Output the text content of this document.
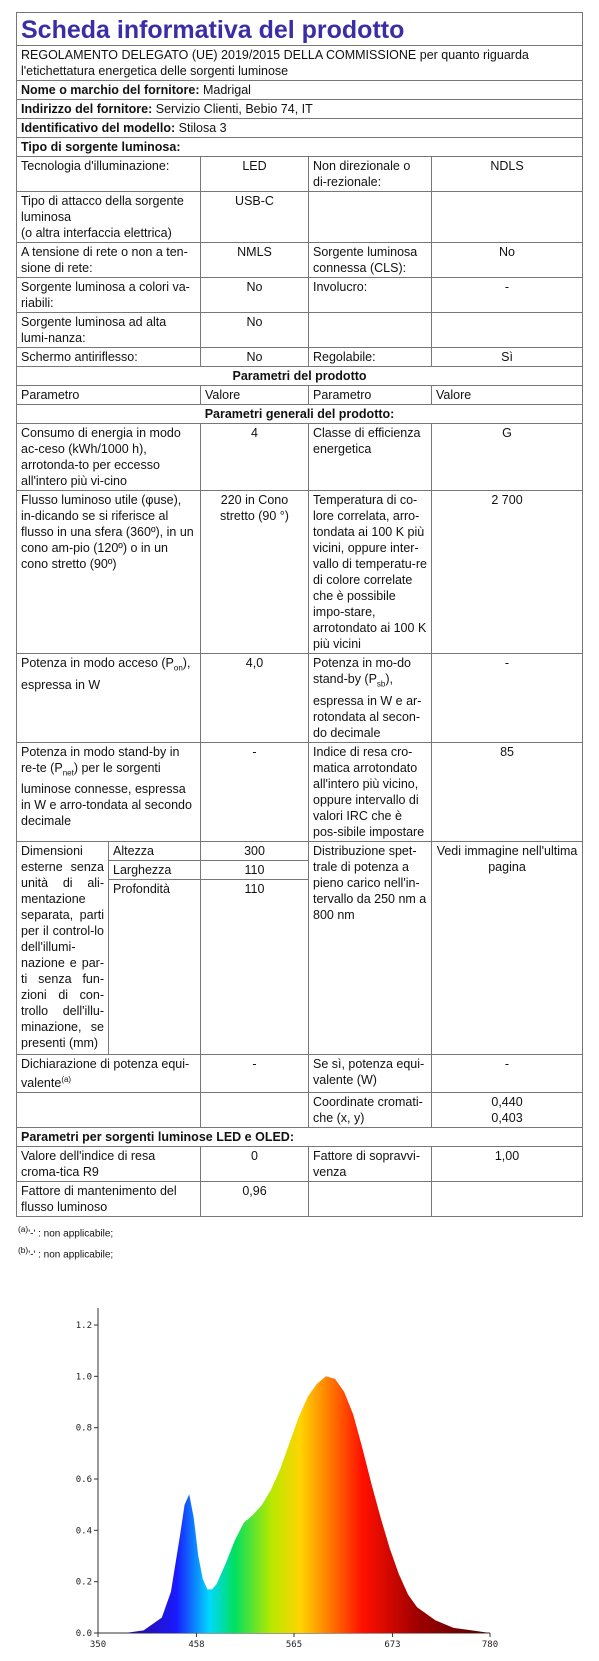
Scheda informativa del prodotto				
REGOLAMENTO DELEGATO (UE) 2019/2015 DELLA COMMISSIONE per quanto riguarda l'etichettatura energetica delle sorgenti luminose				
Nome o marchio del fornitore: Madrigal				
Indirizzo del fornitore: Servizio Clienti, Bebio 74, IT				
Identificativo del modello: Stilosa 3				
Tipo di sorgente luminosa:				
Tecnologia d'illuminazione:		LED	Non direzionale o di-rezionale:	NDLS
Tipo di attacco della sorgente luminosa
(o altra interfaccia elettrica)		USB-C		
A tensione di rete o non a ten-sione di rete:		NMLS	Sorgente luminosa connessa (CLS):	No
Sorgente luminosa a colori va-riabili:		No	Involucro:	-
Sorgente luminosa ad alta lumi-nanza:		No		
Schermo antiriflesso:		No	Regolabile:	Sì
Parametri del prodotto				
Parametro		Valore	Parametro	Valore
Parametri generali del prodotto:				
Consumo di energia in modo ac-ceso (kWh/1000 h), arrotonda-to per eccesso all'intero più vi-cino		4	Classe di efficienza energetica	G
Flusso luminoso utile (φuse), in-dicando se si riferisce al flusso in una sfera (360º), in un cono am-pio (120º) o in un cono stretto (90º)		220 in Cono stretto (90 °)	Temperatura di co-lore correlata, arro-tondata ai 100 K più vicini, oppure inter-vallo di temperatu-re di colore correlate che è possibile impo-stare, arrotondato ai 100 K più vicini	2 700
Potenza in modo acceso $(P_{on})$, espressa in W		4,0	Potenza in mo-do stand-by $(P_{sb})$, espressa in W e ar-rotondata al secon-do decimale	-
Potenza in modo stand-by in re-te $(P_{net})$ per le sorgenti luminose connesse, espressa in W e arro-tondata al secondo decimale		-	Indice di resa cro-matica arrotondato all'intero più vicino, oppure intervallo di valori IRC che è pos-sibile impostare	85
Dimensioni esterne senza unità di ali-mentazione separata, parti per il control-lo dell'illumi-nazione e par-ti senza fun-zioni di con-trollo dell'illu-minazione, se presenti (mm)	Altezza	300	Distribuzione spet-trale di potenza a pieno carico nell'in-tervallo da 250 nm a 800 nm	Vedi immagine nell'ultima pagina
	Larghezza	110		
	Profondità	110		
Dichiarazione di potenza equi-valente$^{(a)}$		-	Se sì, potenza equi-valente (W)	-
			Coordinate cromati-che (x, y)	0,440
0,403

Parametri per sorgenti luminose LED e OLED:				
Valore dell'indice di resa croma-tica R9		0	Fattore di sopravvi-venza	1,00
Fattore di mantenimento del flusso luminoso		0,96		
$^{(a)}$'-' : non applicabile;
$^{(b)}$'-' : non applicabile;
0.0
0.2
0.4
0.6
0.8
1.0
1.2
350	458	565	673	780
